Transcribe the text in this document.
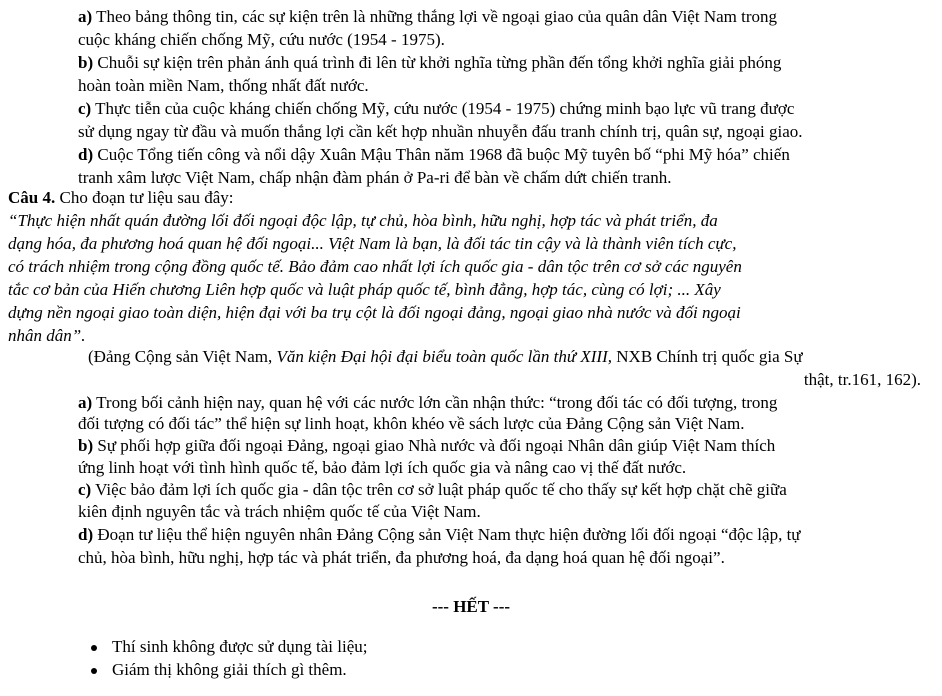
a) Theo bảng thông tin, các sự kiện trên là những thắng lợi về ngoại giao của quân dân Việt Nam trong
cuộc kháng chiến chống Mỹ, cứu nước (1954 - 1975).
b) Chuỗi sự kiện trên phản ánh quá trình đi lên từ khởi nghĩa từng phần đến tổng khởi nghĩa giải phóng
hoàn toàn miền Nam, thống nhất đất nước.
c) Thực tiễn của cuộc kháng chiến chống Mỹ, cứu nước (1954 - 1975) chứng minh bạo lực vũ trang được
sử dụng ngay từ đầu và muốn thắng lợi cần kết hợp nhuần nhuyễn đấu tranh chính trị, quân sự, ngoại giao.
d) Cuộc Tổng tiến công và nổi dậy Xuân Mậu Thân năm 1968 đã buộc Mỹ tuyên bố “phi Mỹ hóa” chiến
tranh xâm lược Việt Nam, chấp nhận đàm phán ở Pa-ri để bàn về chấm dứt chiến tranh.
Câu 4. Cho đoạn tư liệu sau đây:
“Thực hiện nhất quán đường lối đối ngoại độc lập, tự chủ, hòa bình, hữu nghị, hợp tác và phát triển, đa
dạng hóa, đa phương hoá quan hệ đối ngoại... Việt Nam là bạn, là đối tác tin cậy và là thành viên tích cực,
có trách nhiệm trong cộng đồng quốc tế. Bảo đảm cao nhất lợi ích quốc gia - dân tộc trên cơ sở các nguyên
tắc cơ bản của Hiến chương Liên hợp quốc và luật pháp quốc tế, bình đẳng, hợp tác, cùng có lợi; ... Xây
dựng nền ngoại giao toàn diện, hiện đại với ba trụ cột là đối ngoại đảng, ngoại giao nhà nước và đối ngoại
nhân dân”.
(Đảng Cộng sản Việt Nam, Văn kiện Đại hội đại biểu toàn quốc lần thứ XIII, NXB Chính trị quốc gia Sự
thật, tr.161, 162).
a) Trong bối cảnh hiện nay, quan hệ với các nước lớn cần nhận thức: “trong đối tác có đối tượng, trong
đối tượng có đối tác” thể hiện sự linh hoạt, khôn khéo về sách lược của Đảng Cộng sản Việt Nam.
b) Sự phối hợp giữa đối ngoại Đảng, ngoại giao Nhà nước và đối ngoại Nhân dân giúp Việt Nam thích
ứng linh hoạt với tình hình quốc tế, bảo đảm lợi ích quốc gia và nâng cao vị thế đất nước.
c) Việc bảo đảm lợi ích quốc gia - dân tộc trên cơ sở luật pháp quốc tế cho thấy sự kết hợp chặt chẽ giữa
kiên định nguyên tắc và trách nhiệm quốc tế của Việt Nam.
d) Đoạn tư liệu thể hiện nguyên nhân Đảng Cộng sản Việt Nam thực hiện đường lối đối ngoại “độc lập, tự
chủ, hòa bình, hữu nghị, hợp tác và phát triển, đa phương hoá, đa dạng hoá quan hệ đối ngoại”.
--- HẾT ---
Thí sinh không được sử dụng tài liệu;
Giám thị không giải thích gì thêm.
